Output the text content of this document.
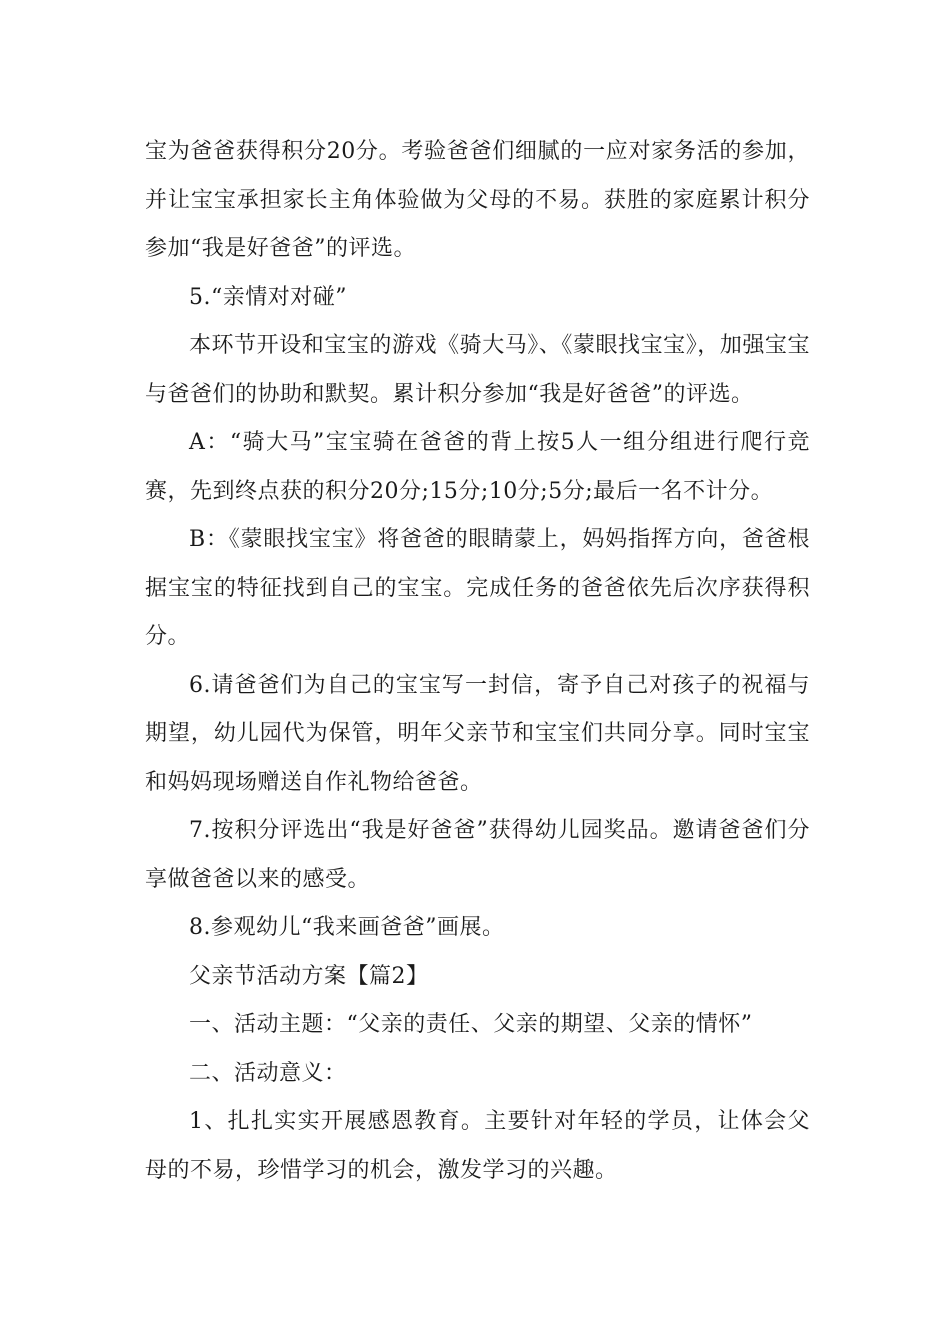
宝为爸爸获得积分20分。考验爸爸们细腻的一应对家务活的参加，并让宝宝承担家长主角体验做为父母的不易。获胜的家庭累计积分参加“我是好爸爸”的评选。

5.“亲情对对碰”

本环节开设和宝宝的游戏《骑大马》、《蒙眼找宝宝》，加强宝宝与爸爸们的协助和默契。累计积分参加“我是好爸爸”的评选。

A：“骑大马”宝宝骑在爸爸的背上按5人一组分组进行爬行竞赛，先到终点获的积分20分;15分;10分;5分;最后一名不计分。

B：《蒙眼找宝宝》将爸爸的眼睛蒙上，妈妈指挥方向，爸爸根据宝宝的特征找到自己的宝宝。完成任务的爸爸依先后次序获得积分。

6.请爸爸们为自己的宝宝写一封信，寄予自己对孩子的祝福与期望，幼儿园代为保管，明年父亲节和宝宝们共同分享。同时宝宝和妈妈现场赠送自作礼物给爸爸。

7.按积分评选出“我是好爸爸”获得幼儿园奖品。邀请爸爸们分享做爸爸以来的感受。

8.参观幼儿“我来画爸爸”画展。

父亲节活动方案【篇2】

一、活动主题：“父亲的责任、父亲的期望、父亲的情怀”

二、活动意义：

1、扎扎实实开展感恩教育。主要针对年轻的学员，让体会父母的不易，珍惜学习的机会，激发学习的兴趣。
